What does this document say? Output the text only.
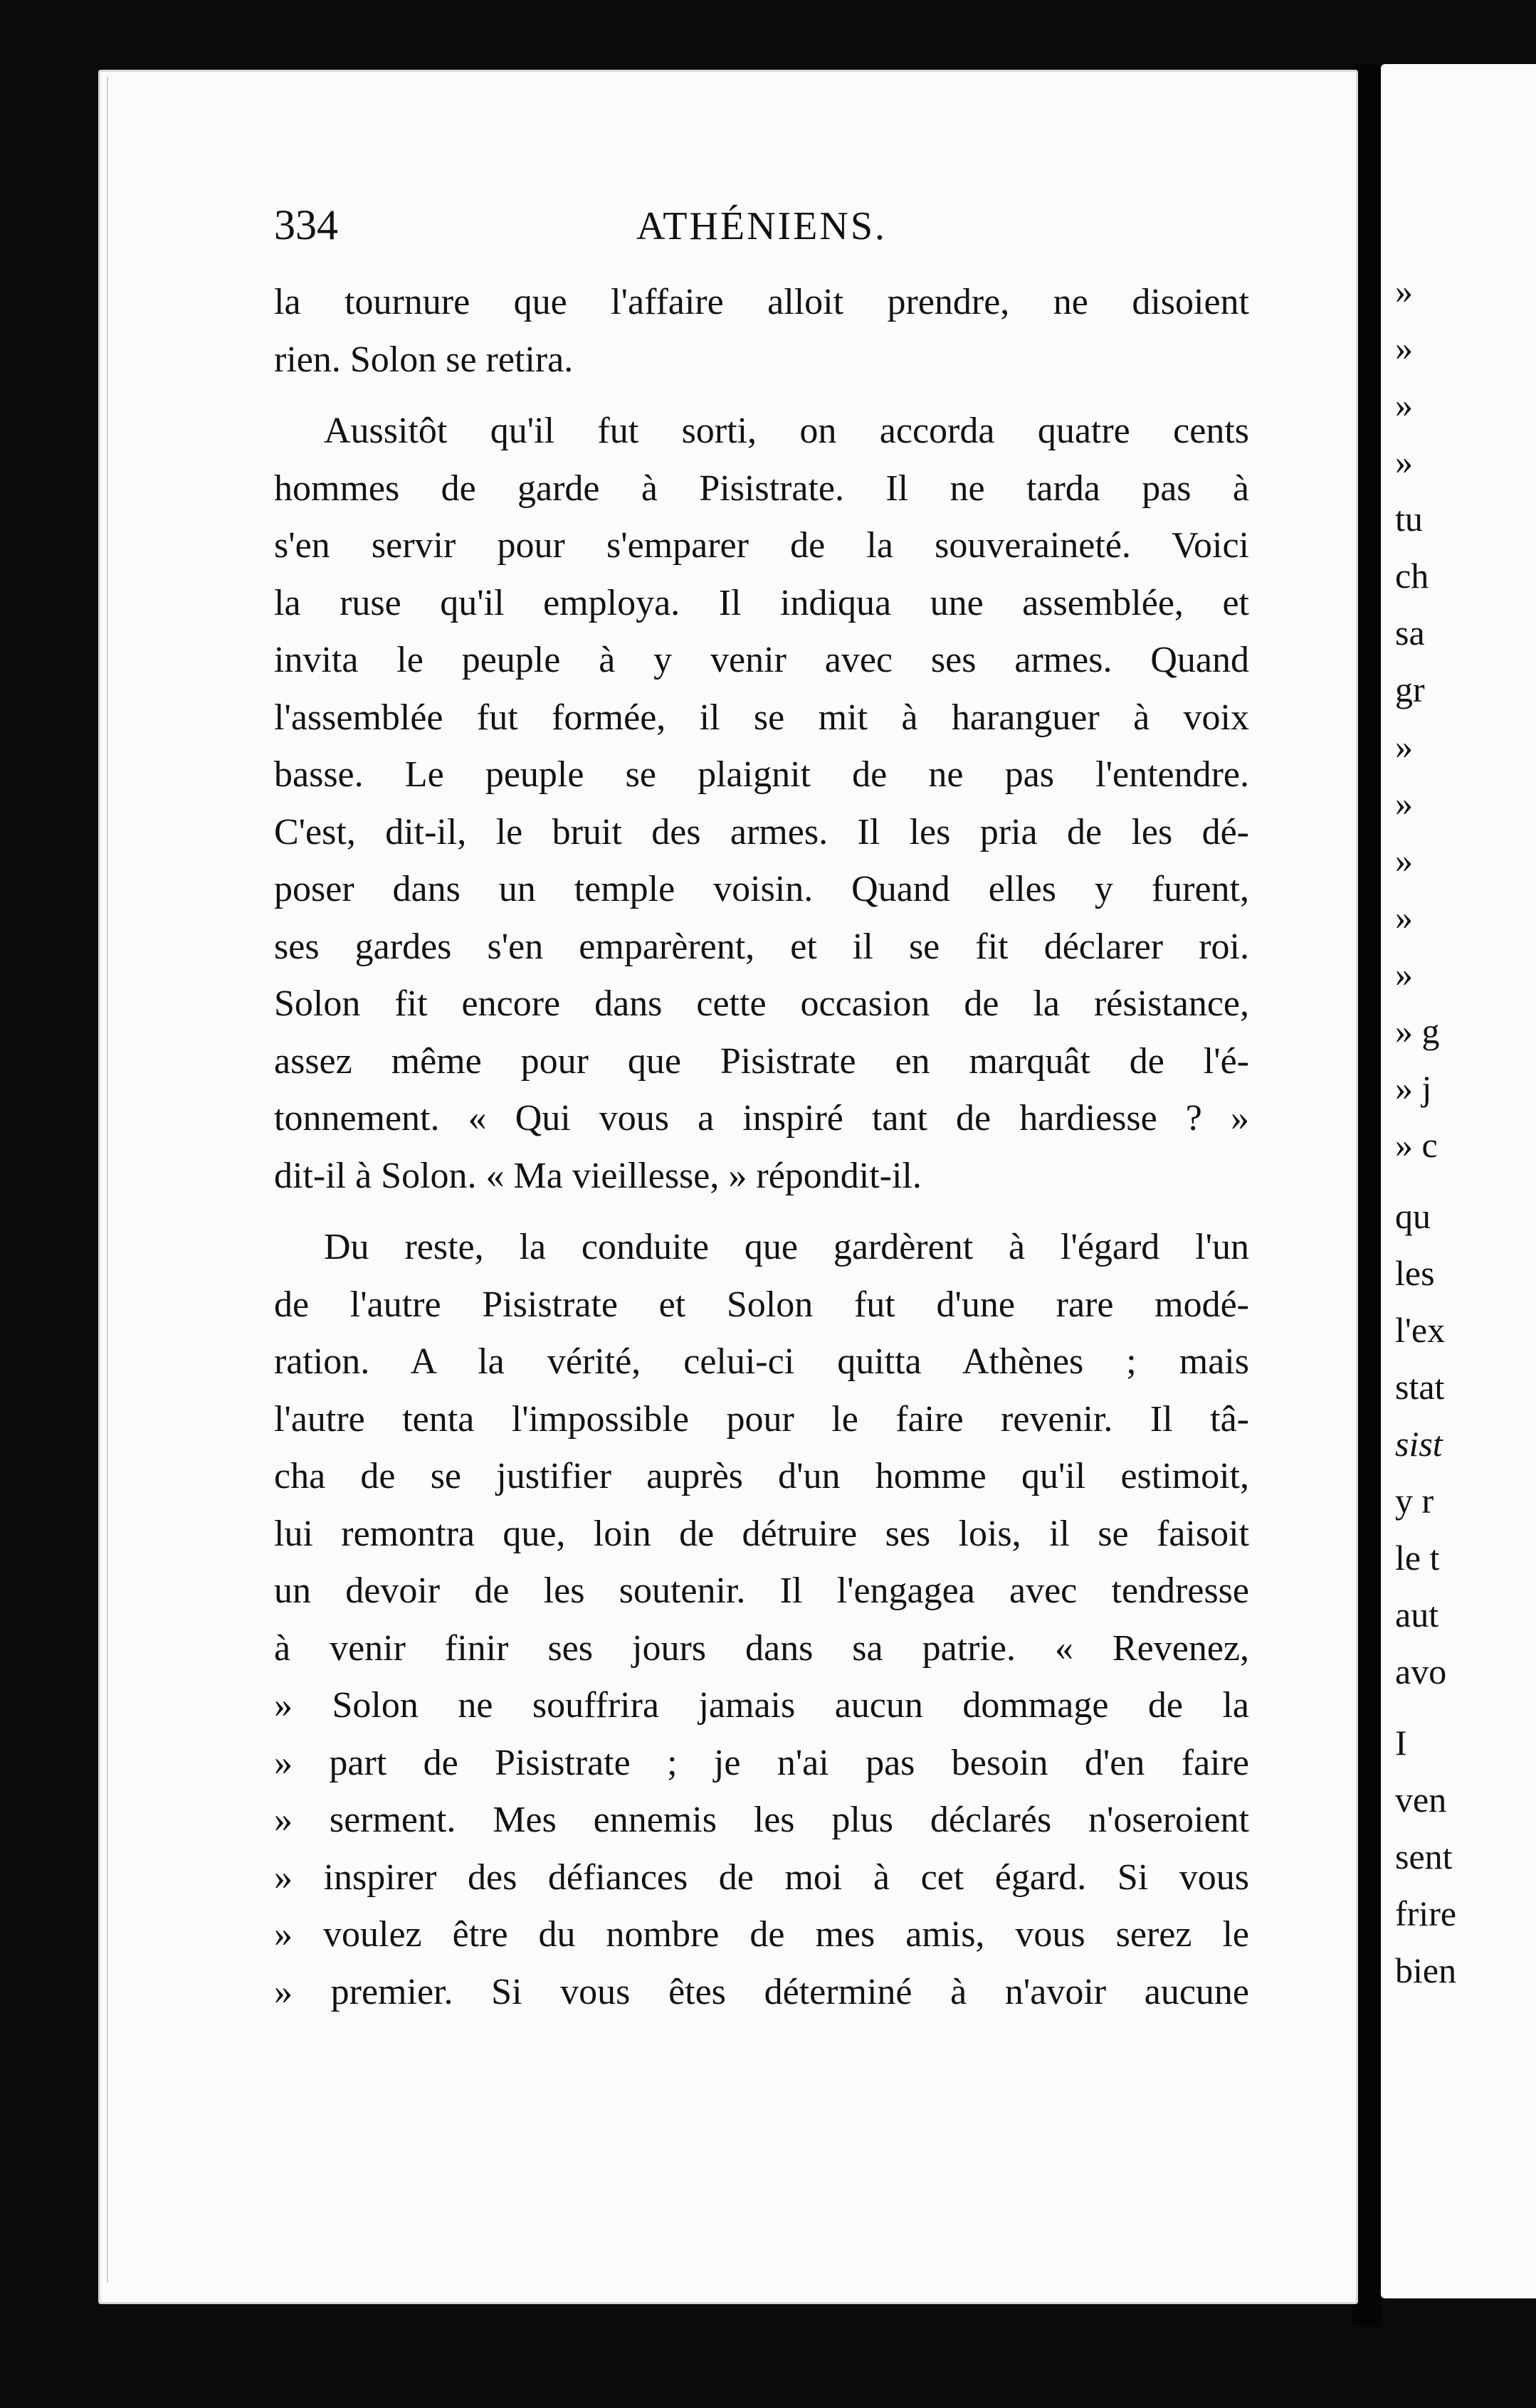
334	ATHÉNIENS.
la tournure que l'affaire alloit prendre, ne disoient
rien. Solon se retira.
Aussitôt qu'il fut sorti, on accorda quatre cents
hommes de garde à Pisistrate. Il ne tarda pas à
s'en servir pour s'emparer de la souveraineté. Voici
la ruse qu'il employa. Il indiqua une assemblée, et
invita le peuple à y venir avec ses armes. Quand
l'assemblée fut formée, il se mit à haranguer à voix
basse. Le peuple se plaignit de ne pas l'entendre.
C'est, dit-il, le bruit des armes. Il les pria de les dé-
poser dans un temple voisin. Quand elles y furent,
ses gardes s'en emparèrent, et il se fit déclarer roi.
Solon fit encore dans cette occasion de la résistance,
assez même pour que Pisistrate en marquât de l'é-
tonnement. « Qui vous a inspiré tant de hardiesse ? »
dit-il à Solon. « Ma vieillesse, » répondit-il.
Du reste, la conduite que gardèrent à l'égard l'un
de l'autre Pisistrate et Solon fut d'une rare modé-
ration. A la vérité, celui-ci quitta Athènes ; mais
l'autre tenta l'impossible pour le faire revenir. Il tâ-
cha de se justifier auprès d'un homme qu'il estimoit,
lui remontra que, loin de détruire ses lois, il se faisoit
un devoir de les soutenir. Il l'engagea avec tendresse
à venir finir ses jours dans sa patrie. « Revenez,
» Solon ne souffrira jamais aucun dommage de la
» part de Pisistrate ; je n'ai pas besoin d'en faire
» serment. Mes ennemis les plus déclarés n'oseroient
» inspirer des défiances de moi à cet égard. Si vous
» voulez être du nombre de mes amis, vous serez le
» premier. Si vous êtes déterminé à n'avoir aucune
»
»
»
»
tu
ch
sa
gr
»
»
»
»
»
» g
» j
» c
qu
les
l'ex
stat
sist
y r
le t
aut
avo
I
ven
sent
frire
bien
